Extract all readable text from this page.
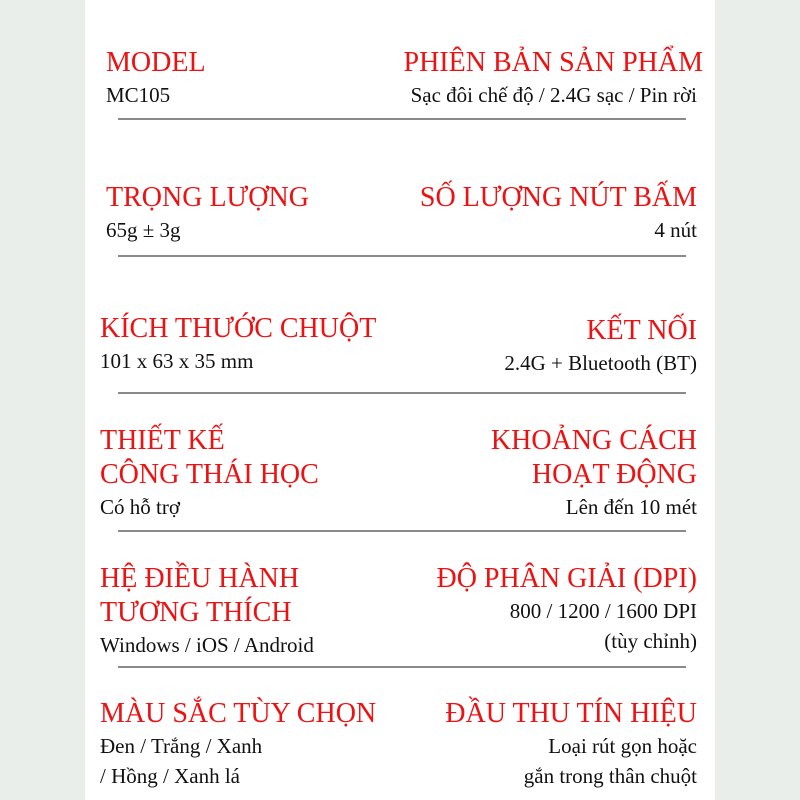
MODEL
MC105
PHIÊN BẢN SẢN PHẨM
Sạc đôi chế độ / 2.4G sạc / Pin rời
TRỌNG LƯỢNG
65g ± 3g
SỐ LƯỢNG NÚT BẤM
4 nút
KÍCH THƯỚC CHUỘT
101 x 63 x 35 mm
KẾT NỐI
2.4G + Bluetooth (BT)
THIẾT KẾ
CÔNG THÁI HỌC
Có hỗ trợ
KHOẢNG CÁCH
HOẠT ĐỘNG
Lên đến 10 mét
HỆ ĐIỀU HÀNH
TƯƠNG THÍCH
Windows / iOS / Android
ĐỘ PHÂN GIẢI (DPI)
800 / 1200 / 1600 DPI
(tùy chỉnh)
MÀU SẮC TÙY CHỌN
Đen / Trắng / Xanh
/ Hồng / Xanh lá
ĐẦU THU TÍN HIỆU
Loại rút gọn hoặc
gắn trong thân chuột
